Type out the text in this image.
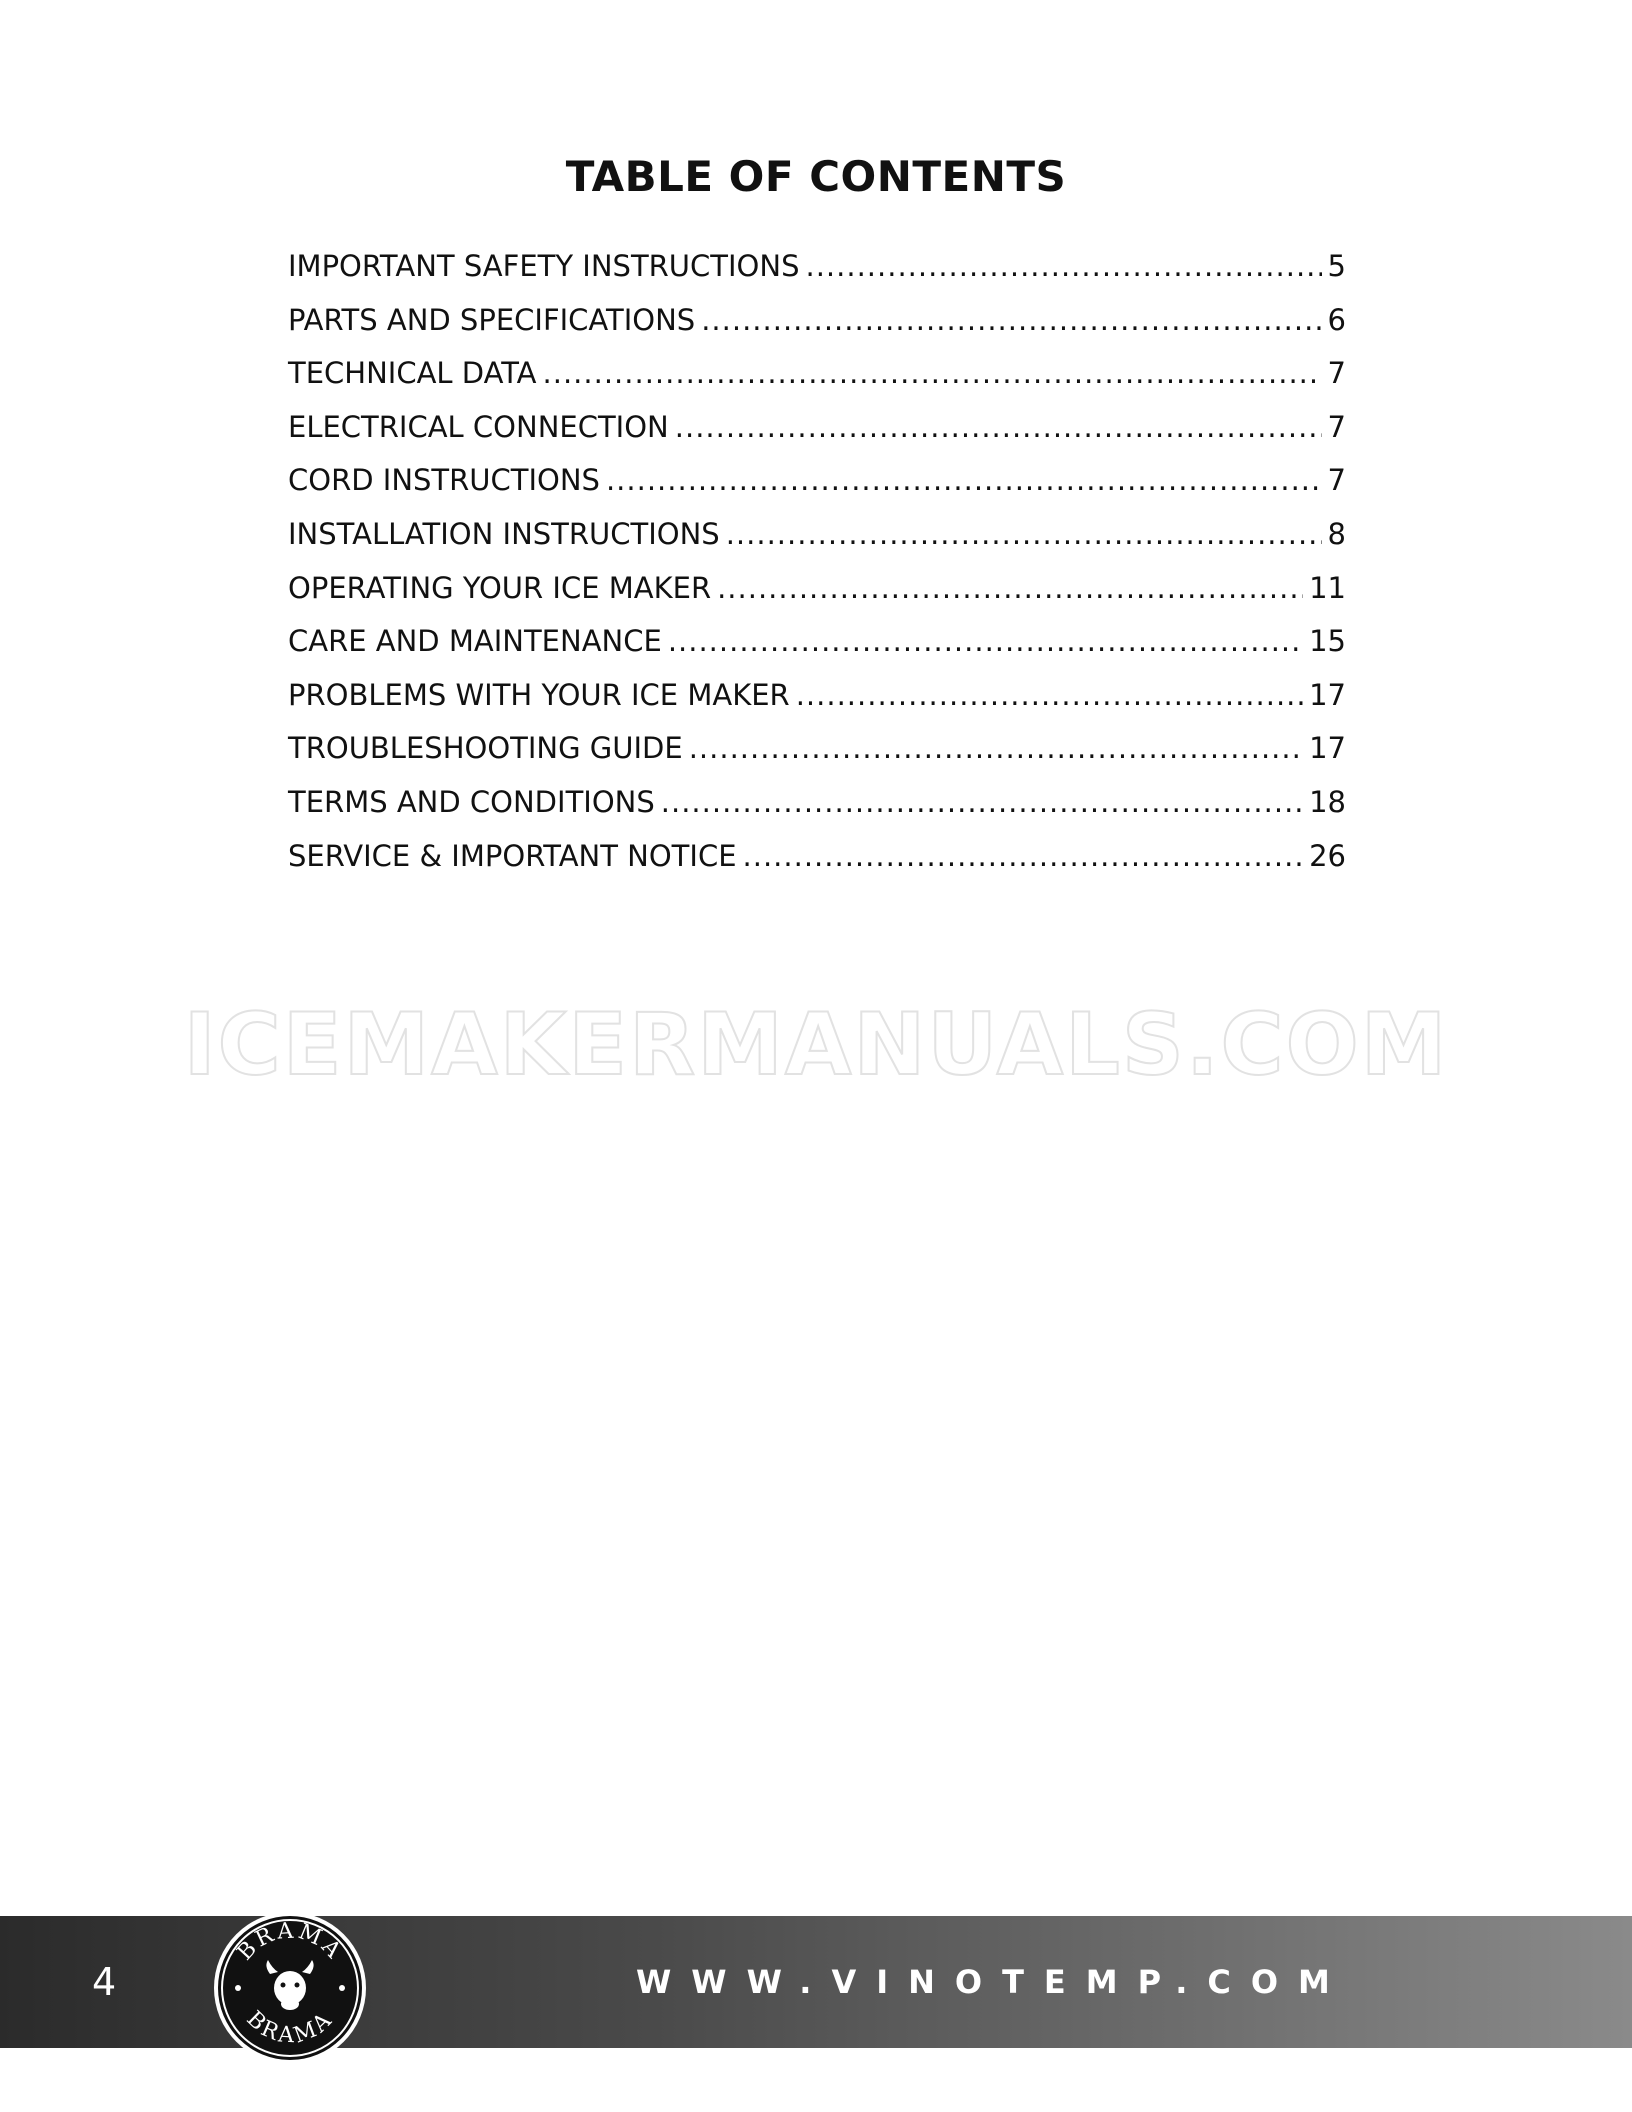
TABLE OF CONTENTS
IMPORTANT SAFETY INSTRUCTIONS .....	5
PARTS AND SPECIFICATIONS .....	6
TECHNICAL DATA .....	7
ELECTRICAL CONNECTION .....	7
CORD INSTRUCTIONS .....	7
INSTALLATION INSTRUCTIONS .....	8
OPERATING YOUR ICE MAKER .....	11
CARE AND MAINTENANCE .....	15
PROBLEMS WITH YOUR ICE MAKER .....	17
TROUBLESHOOTING GUIDE .....	17
TERMS AND CONDITIONS .....	18
SERVICE & IMPORTANT NOTICE .....	26
ICEMAKERMANUALS.COM
4	WWW.VINOTEMP.COM
BRAMA
BRAMA
